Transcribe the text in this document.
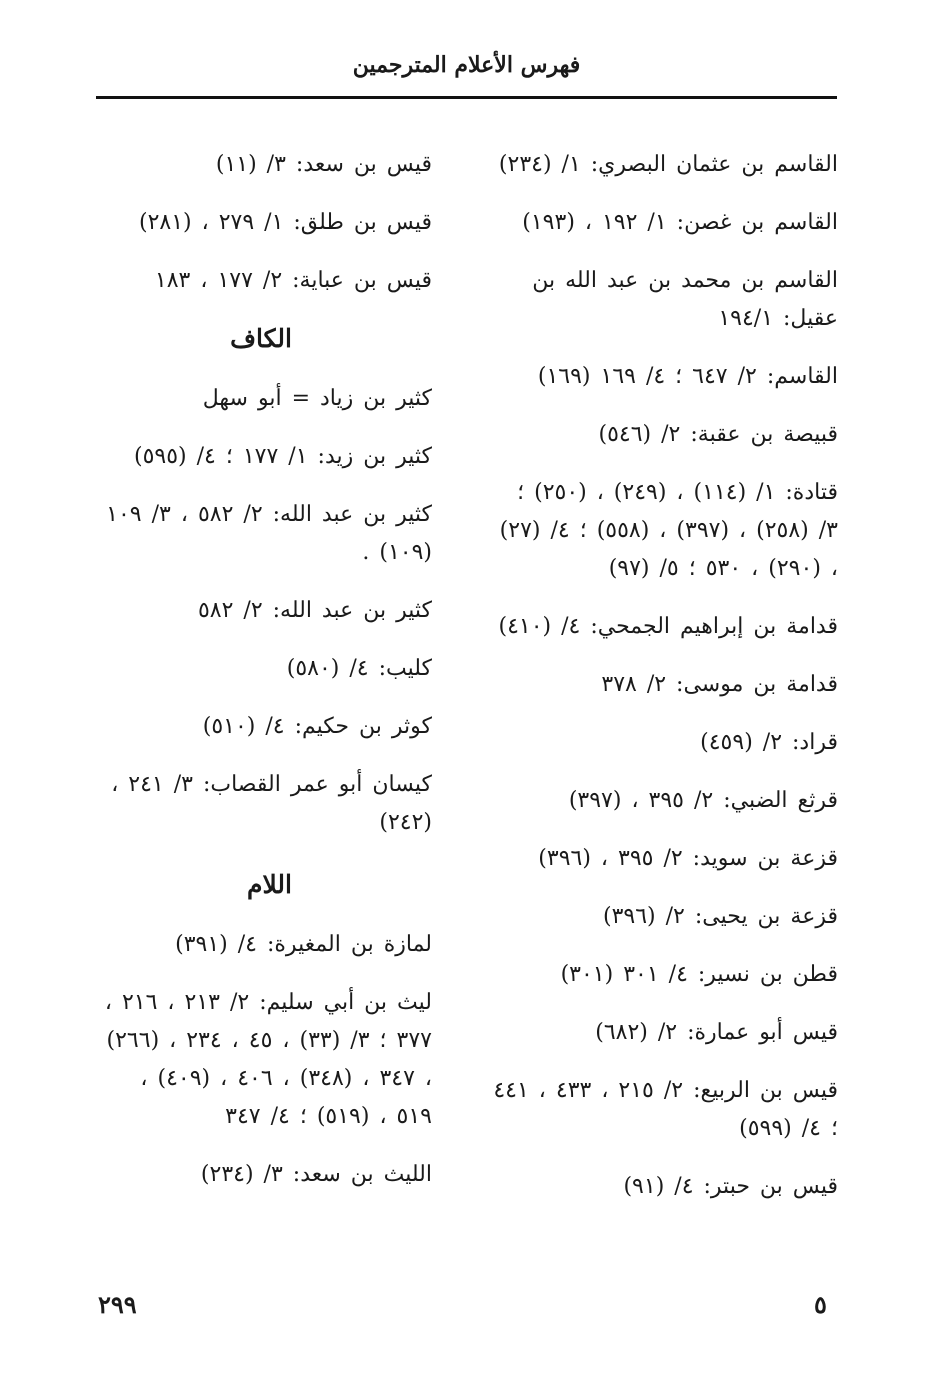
فهرس الأعلام المترجمين
القاسم بن عثمان البصري: ١/ (٢٣٤)
القاسم بن غصن: ١/ ١٩٢ ، (١٩٣)
القاسم بن محمد بن عبد الله بن عقيل: ١٩٤/١
القاسم: ٢/ ٦٤٧ ؛ ٤/ ١٦٩ (١٦٩)
قبيصة بن عقبة: ٢/ (٥٤٦)
قتادة: ١/ (١١٤) ، (٢٤٩) ، (٢٥٠) ؛ ٣/ (٢٥٨) ، (٣٩٧) ، (٥٥٨) ؛ ٤/ (٢٧) ، (٢٩٠) ، ٥٣٠ ؛ ٥/ (٩٧)
قدامة بن إبراهيم الجمحي: ٤/ (٤١٠)
قدامة بن موسى: ٢/ ٣٧٨
قراد: ٢/ (٤٥٩)
قرثع الضبي: ٢/ ٣٩٥ ، (٣٩٧)
قزعة بن سويد: ٢/ ٣٩٥ ، (٣٩٦)
قزعة بن يحيى: ٢/ (٣٩٦)
قطن بن نسير: ٤/ ٣٠١ (٣٠١)
قيس أبو عمارة: ٢/ (٦٨٢)
قيس بن الربيع: ٢/ ٢١٥ ، ٤٣٣ ، ٤٤١ ؛ ٤/ (٥٩٩)
قيس بن حبتر: ٤/ (٩١)
قيس بن سعد: ٣/ (١١)
قيس بن طلق: ١/ ٢٧٩ ، (٢٨١)
قيس بن عباية: ٢/ ١٧٧ ، ١٨٣
الكاف
كثير بن زياد = أبو سهل
كثير بن زيد: ١/ ١٧٧ ؛ ٤/ (٥٩٥)
كثير بن عبد الله: ٢/ ٥٨٢ ، ٣/ ١٠٩ (١٠٩) .
كثير بن عبد الله: ٢/ ٥٨٢
كليب: ٤/ (٥٨٠)
كوثر بن حكيم: ٤/ (٥١٠)
كيسان أبو عمر القصاب: ٣/ ٢٤١ ، (٢٤٢)
اللام
لمازة بن المغيرة: ٤/ (٣٩١)
ليث بن أبي سليم: ٢/ ٢١٣ ، ٢١٦ ، ٣٧٧ ؛ ٣/ (٣٣) ، ٤٥ ، ٢٣٤ ، (٢٦٦) ، ٣٤٧ ، (٣٤٨) ، ٤٠٦ ، (٤٠٩) ، ٥١٩ ، (٥١٩) ؛ ٤/ ٣٤٧
الليث بن سعد: ٣/ (٢٣٤)
٢٩٩	٥
